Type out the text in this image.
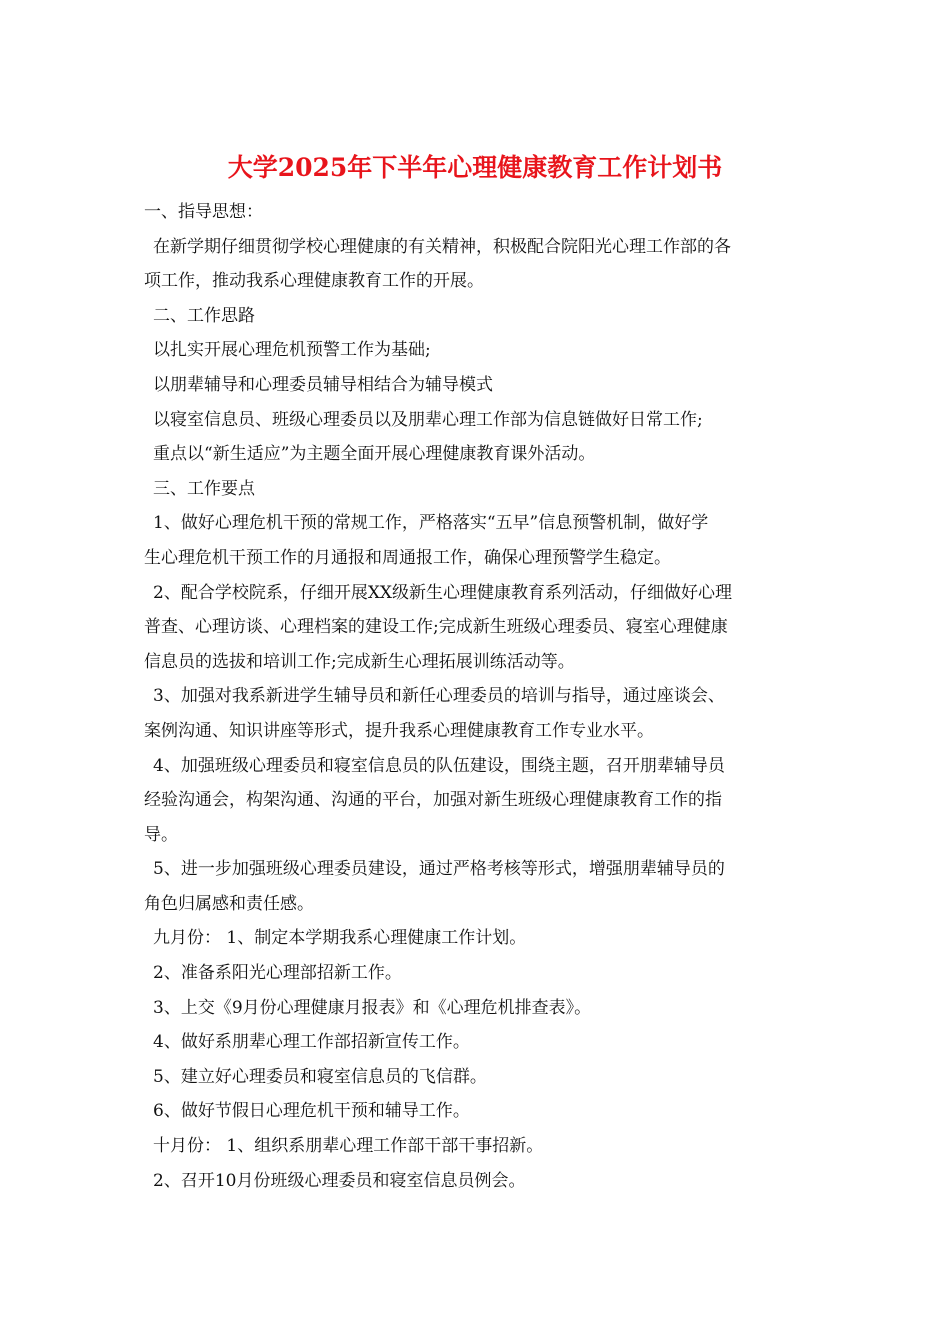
大学2025年下半年心理健康教育工作计划书
一、指导思想：
在新学期仔细贯彻学校心理健康的有关精神，积极配合院阳光心理工作部的各
项工作，推动我系心理健康教育工作的开展。
二、工作思路
以扎实开展心理危机预警工作为基础;
以朋辈辅导和心理委员辅导相结合为辅导模式
以寝室信息员、班级心理委员以及朋辈心理工作部为信息链做好日常工作;
重点以“新生适应”为主题全面开展心理健康教育课外活动。
三、工作要点
1、做好心理危机干预的常规工作，严格落实“五早”信息预警机制，做好学
生心理危机干预工作的月通报和周通报工作，确保心理预警学生稳定。
2、配合学校院系，仔细开展XX级新生心理健康教育系列活动，仔细做好心理
普查、心理访谈、心理档案的建设工作;完成新生班级心理委员、寝室心理健康
信息员的选拔和培训工作;完成新生心理拓展训练活动等。
3、加强对我系新进学生辅导员和新任心理委员的培训与指导，通过座谈会、
案例沟通、知识讲座等形式，提升我系心理健康教育工作专业水平。
4、加强班级心理委员和寝室信息员的队伍建设，围绕主题，召开朋辈辅导员
经验沟通会，构架沟通、沟通的平台，加强对新生班级心理健康教育工作的指
导。
5、进一步加强班级心理委员建设，通过严格考核等形式，增强朋辈辅导员的
角色归属感和责任感。
九月份： 1、制定本学期我系心理健康工作计划。
2、准备系阳光心理部招新工作。
3、上交《9月份心理健康月报表》和《心理危机排查表》。
4、做好系朋辈心理工作部招新宣传工作。
5、建立好心理委员和寝室信息员的飞信群。
6、做好节假日心理危机干预和辅导工作。
十月份： 1、组织系朋辈心理工作部干部干事招新。
2、召开10月份班级心理委员和寝室信息员例会。
